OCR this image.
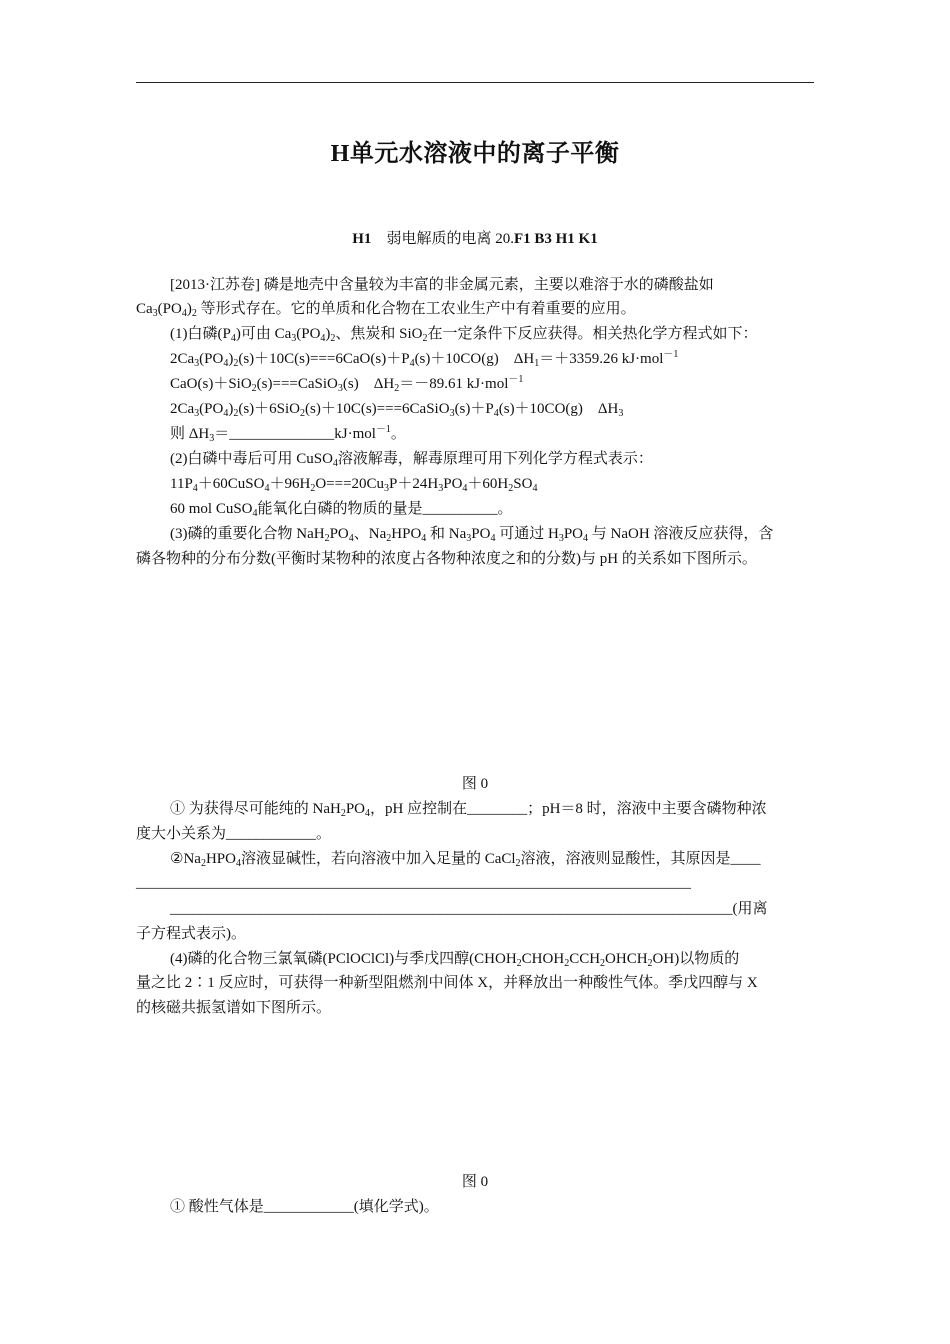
H单元水溶液中的离子平衡
H1 弱电解质的电离 20.F1 B3 H1 K1
[2013·江苏卷] 磷是地壳中含量较为丰富的非金属元素，主要以难溶于水的磷酸盐如
$Ca_3(PO_4)_2$ 等形式存在。它的单质和化合物在工农业生产中有着重要的应用。
(1)白磷$(P_4)$可由 $Ca_3(PO_4)_2$、焦炭和 SiO$_2$在一定条件下反应获得。相关热化学方程式如下：
$2Ca_3(PO_4)_2(s)+10C(s)===6CaO(s)+P_4(s)+10CO(g)$    $\Delta H_1=+3359.26$ kJ·mol$^{-1}$
CaO(s)＋SiO$_2$(s)===CaSiO$_3$(s)    $\Delta H_2=-89.61$ kJ·mol$^{-1}$
$2Ca_3(PO_4)_2(s)+6SiO_2(s)+10C(s)===6CaSiO_3(s)+P_4(s)+10CO(g)$    $\Delta H_3$
则 $\Delta H_3=\_\_\_\_\_\_\_\_\_\_\_\_\_\_kJ\cdot mol^{-1}$。
(2)白磷中毒后可用 CuSO$_4$溶液解毒，解毒原理可用下列化学方程式表示：
$11P_4+60CuSO_4+96H_2O===20Cu_3P+24H_3PO_4+60H_2SO_4$
60 mol CuSO$_4$能氧化白磷的物质的量是__________。
(3)磷的重要化合物 $NaH_2PO_4$、$Na_2HPO_4$ 和 $Na_3PO_4$ 可通过 $H_3PO_4$ 与 NaOH 溶液反应获得，含
磷各物种的分布分数(平衡时某物种的浓度占各物种浓度之和的分数)与 pH 的关系如下图所示。
图 0
① 为获得尽可能纯的 $NaH_2PO_4$，pH 应控制在________；pH＝8 时，溶液中主要含磷物种浓
度大小关系为____________。
$②Na_2HPO_4$溶液显碱性，若向溶液中加入足量的 CaCl$_2$溶液，溶液则显酸性，其原因是____
__________________________________________________________________________
___________________________________________________________________________(用离
子方程式表示)。
(4)磷的化合物三氯氧磷(PClOClCl)与季戊四醇$(CHOH_2CHOH_2CCH_2OHCH_2OH)$以物质的
量之比 2∶1 反应时，可获得一种新型阻燃剂中间体 X，并释放出一种酸性气体。季戊四醇与 X
的核磁共振氢谱如下图所示。
图 0
① 酸性气体是____________(填化学式)。
